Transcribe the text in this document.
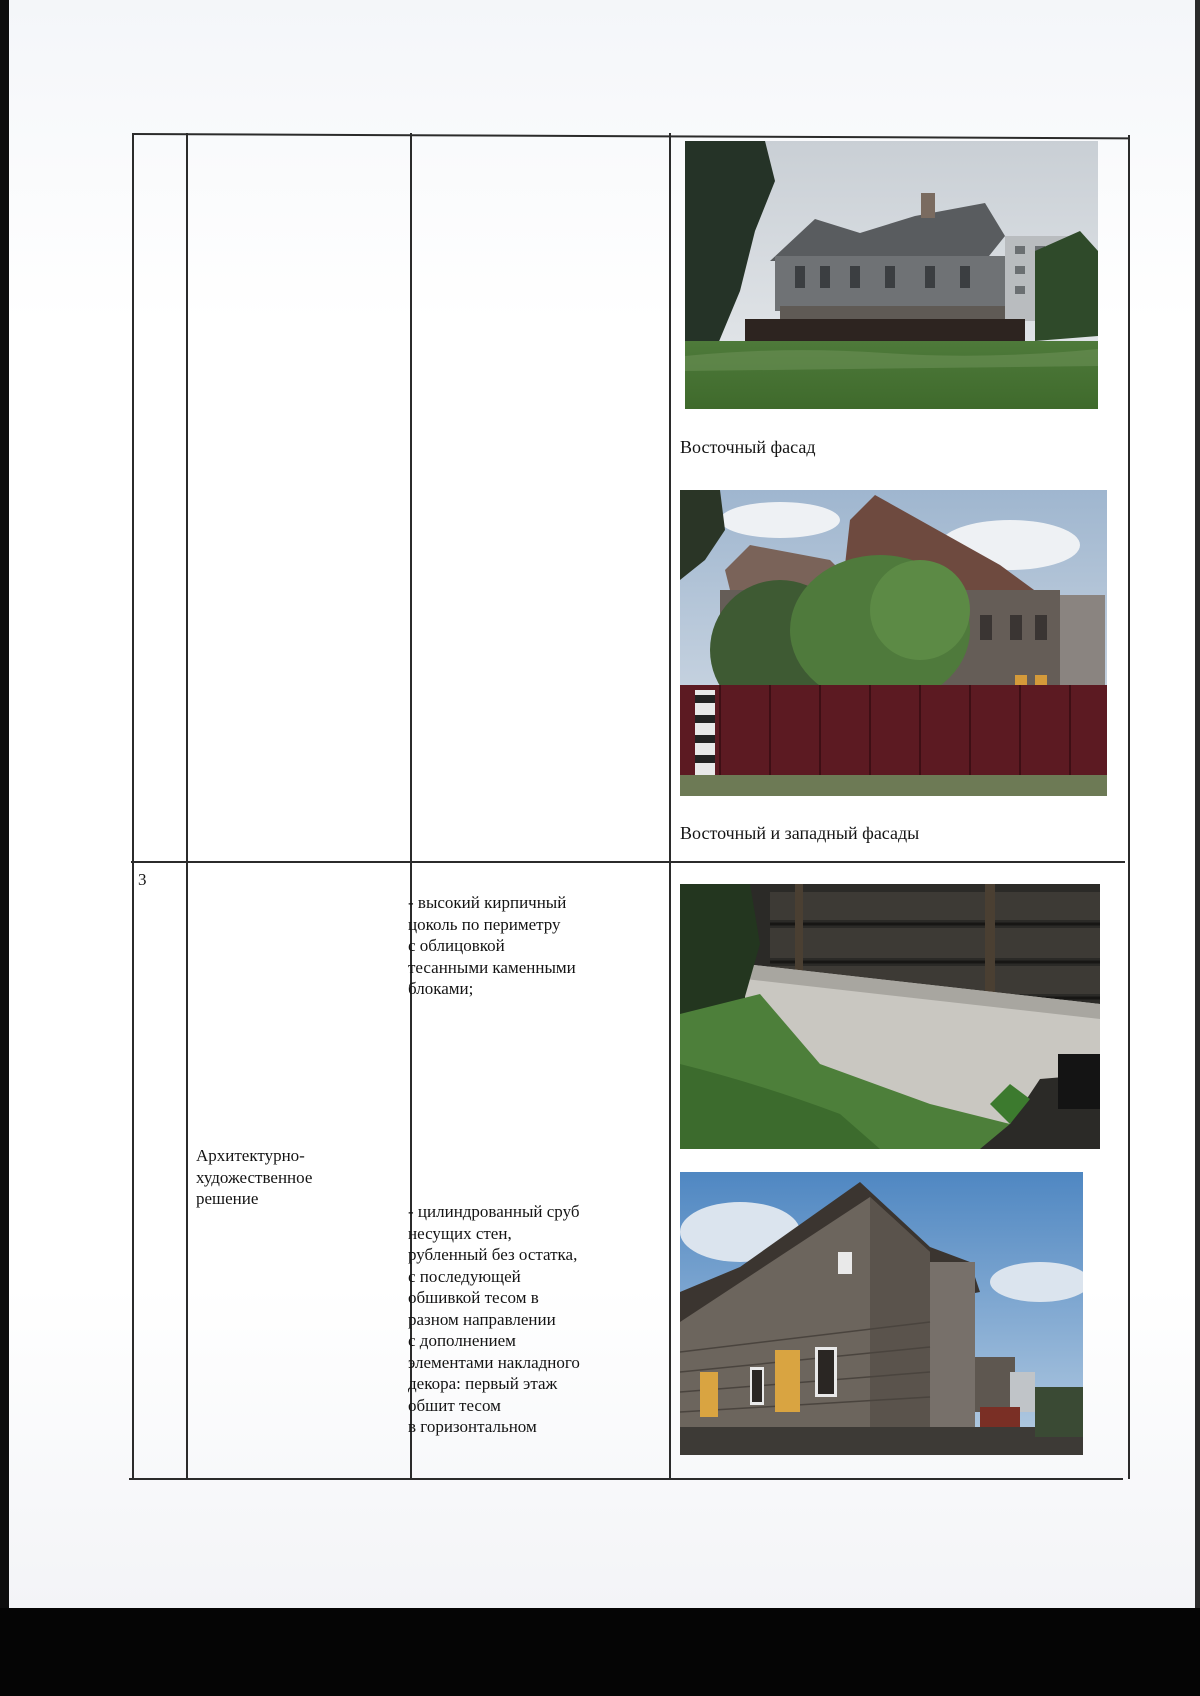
Восточный фасад
Восточный и западный фасады
3
Архитектурно-
художественное
решение
- высокий кирпичный
цоколь по периметру
с облицовкой
тесанными каменными
блоками;
- цилиндрованный сруб
несущих стен,
рубленный без остатка,
с последующей
обшивкой тесом в
разном направлении
с дополнением
элементами накладного
декора: первый этаж
обшит тесом
в горизонтальном
